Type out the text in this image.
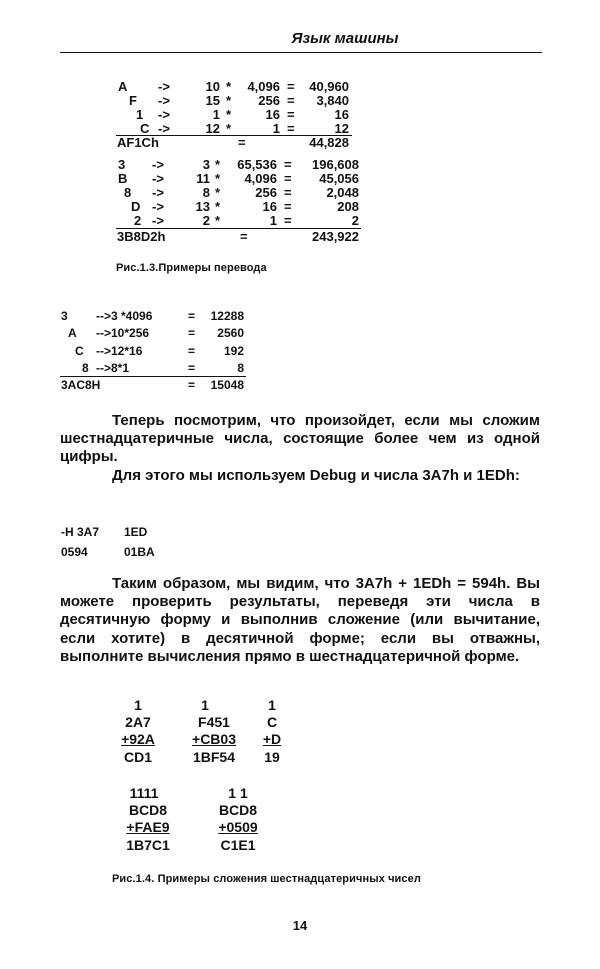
Язык машины
A ->	10 *	4,096 =	40,960
F ->	15 *	256 =	3,840
1 ->	1 *	16 =	16
C ->	12 *	1 =	12
AF1Ch	=	44,828
3 ->	3 *	65,536 =	196,608
B ->	11 *	4,096 =	45,056
8 ->	8 *	256 =	2,048
D ->	13 *	16 =	208
2 ->	2 *	1 =	2
3B8D2h	=	243,922
Рис.1.3.Примеры перевода
3 -->3 *4096	=	12288
A -->10*256	=	2560
C -->12*16	=	192
8 -->8*1	=	8
3AC8H	=	15048

Теперь посмотрим, что произойдет, если мы сложим шестнадцатеричные числа, состоящие более чем из одной цифры.

Для этого мы используем Debug и числа 3A7h и 1EDh:

-H 3A7 1ED
0594	01BA

Таким образом, мы видим, что 3A7h + 1EDh = 594h. Вы можете проверить результаты, переведя эти числа в десятичную форму и выполнив сложение (или вычитание, если хотите) в десятичной форме; если вы отважны, выполните вычисления прямо в шестнадцатеричной форме.

1
2A7
+92A
CD1
1
F451
+CB03
1BF54
1
C
+D
19
1111
BCD8
+FAE9
1B7C1
1 1
BCD8
+0509
C1E1
Рис.1.4. Примеры сложения шестнадцатеричных чисел
14
